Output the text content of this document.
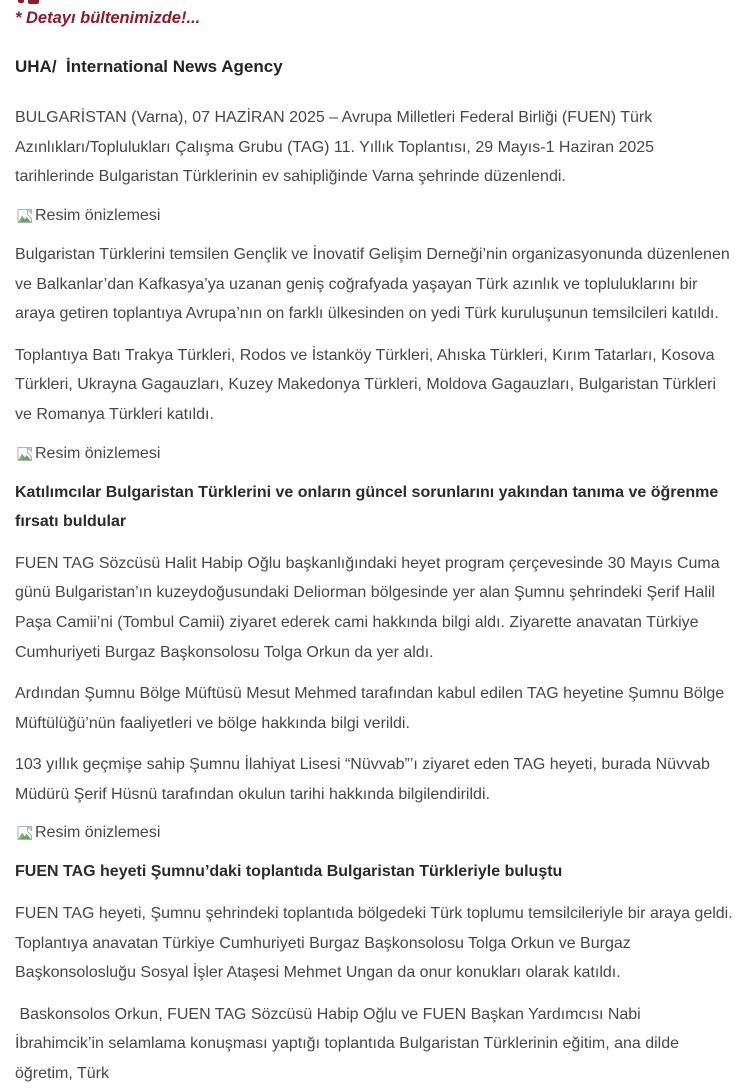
* Detayı bültenimizde!...

UHA/  İnternational News Agency

BULGARİSTAN (Varna), 07 HAZİRAN 2025 – Avrupa Milletleri Federal Birliği (FUEN) Türk Azınlıkları/Toplulukları Çalışma Grubu (TAG) 11. Yıllık Toplantısı, 29 Mayıs-1 Haziran 2025 tarihlerinde Bulgaristan Türklerinin ev sahipliğinde Varna şehrinde düzenlendi.

Resim önizlemesi

Bulgaristan Türklerini temsilen Gençlik ve İnovatif Gelişim Derneği’nin organizasyonunda düzenlenen ve Balkanlar’dan Kafkasya’ya uzanan geniş coğrafyada yaşayan Türk azınlık ve topluluklarını bir araya getiren toplantıya Avrupa’nın on farklı ülkesinden on yedi Türk kuruluşunun temsilcileri katıldı.

Toplantıya Batı Trakya Türkleri, Rodos ve İstanköy Türkleri, Ahıska Türkleri, Kırım Tatarları, Kosova Türkleri, Ukrayna Gagauzları, Kuzey Makedonya Türkleri, Moldova Gagauzları, Bulgaristan Türkleri ve Romanya Türkleri katıldı.

Resim önizlemesi
Katılımcılar Bulgaristan Türklerini ve onların güncel sorunlarını yakından tanıma ve öğrenme fırsatı buldular

FUEN TAG Sözcüsü Halit Habip Oğlu başkanlığındaki heyet program çerçevesinde 30 Mayıs Cuma günü Bulgaristan’ın kuzeydoğusundaki Deliorman bölgesinde yer alan Şumnu şehrindeki Şerif Halil Paşa Camii’ni (Tombul Camii) ziyaret ederek cami hakkında bilgi aldı. Ziyarette anavatan Türkiye Cumhuriyeti Burgaz Başkonsolosu Tolga Orkun da yer aldı.

Ardından Şumnu Bölge Müftüsü Mesut Mehmed tarafından kabul edilen TAG heyetine Şumnu Bölge Müftülüğü’nün faaliyetleri ve bölge hakkında bilgi verildi.

103 yıllık geçmişe sahip Şumnu İlahiyat Lisesi “Nüvvab”’ı ziyaret eden TAG heyeti, burada Nüvvab Müdürü Şerif Hüsnü tarafından okulun tarihi hakkında bilgilendirildi.

Resim önizlemesi
FUEN TAG heyeti Şumnu’daki toplantıda Bulgaristan Türkleriyle buluştu

FUEN TAG heyeti, Şumnu şehrindeki toplantıda bölgedeki Türk toplumu temsilcileriyle bir araya geldi. Toplantıya anavatan Türkiye Cumhuriyeti Burgaz Başkonsolosu Tolga Orkun ve Burgaz Başkonsolosluğu Sosyal İşler Ataşesi Mehmet Ungan da onur konukları olarak katıldı.

Baskonsolos Orkun, FUEN TAG Sözcüsü Habip Oğlu ve FUEN Başkan Yardımcısı Nabi İbrahimcik’in selamlama konuşması yaptığı toplantıda Bulgaristan Türklerinin eğitim, ana dilde öğretim, Türk
